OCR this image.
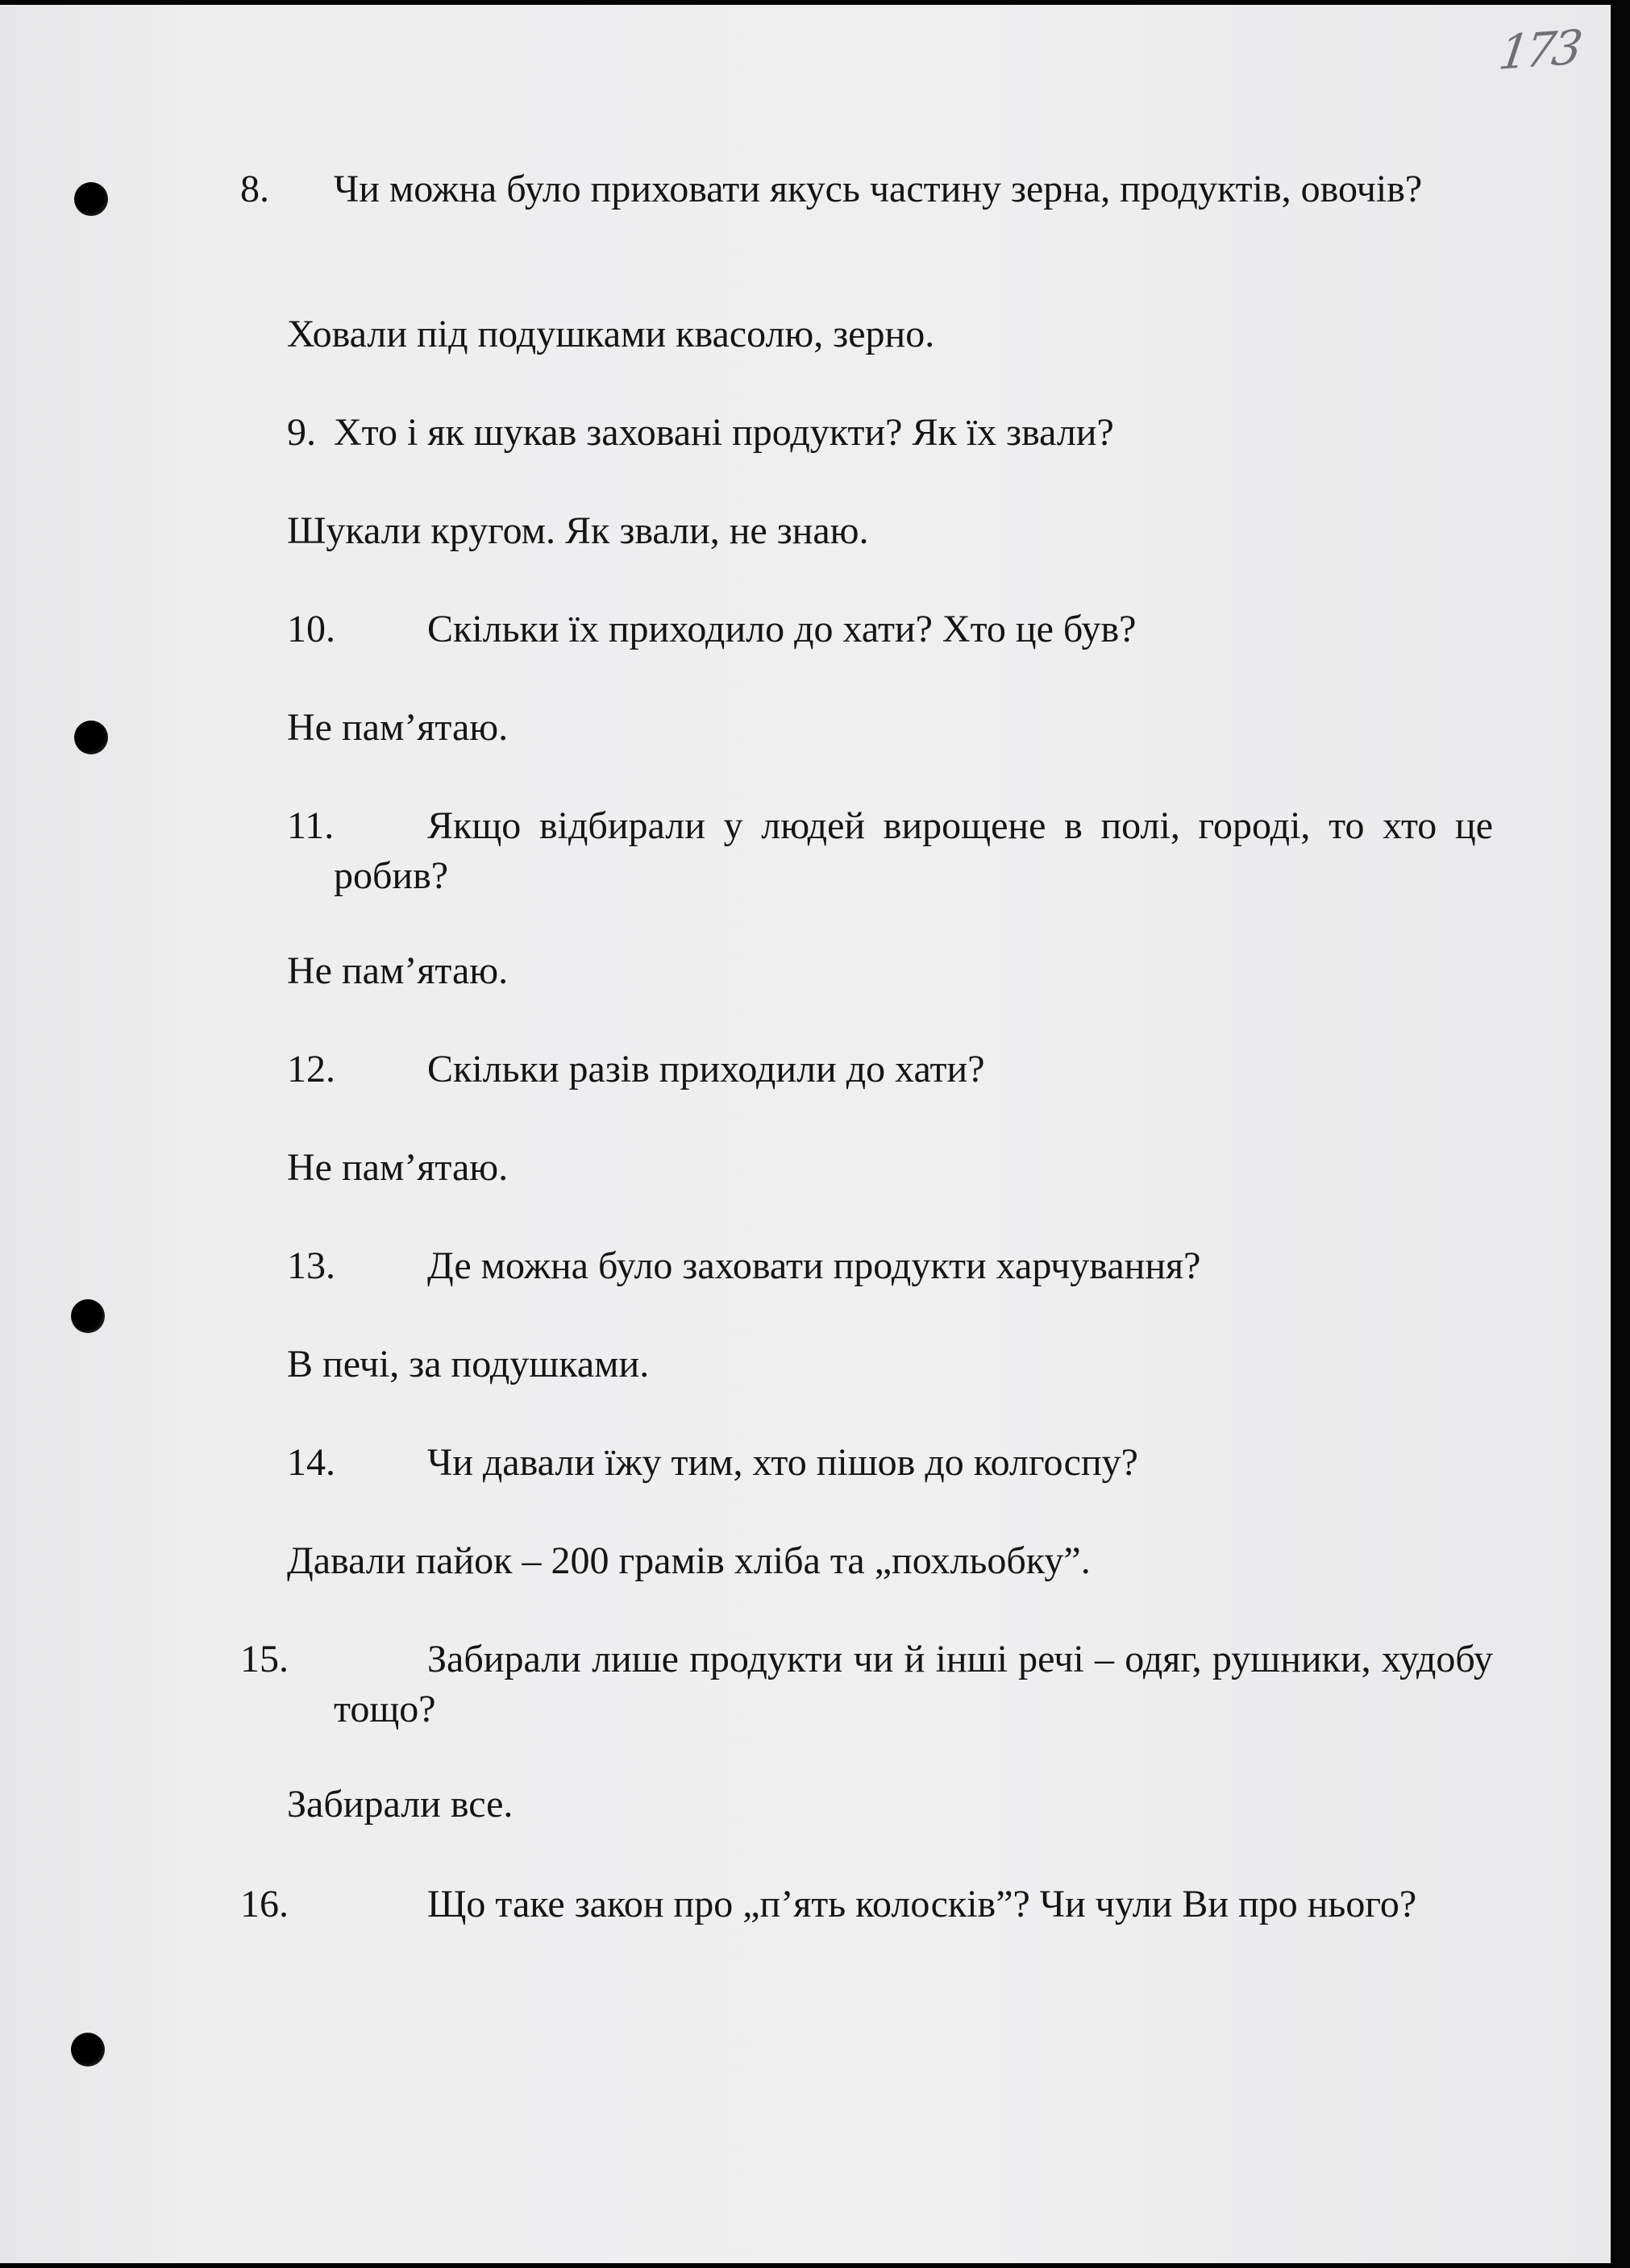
173
8. Чи можна було приховати якусь частину зерна, продуктів, овочів?
Ховали під подушками квасолю, зерно.
9. Хто і як шукав заховані продукти? Як їх звали?
Шукали кругом. Як звали, не знаю.
10. Скільки їх приходило до хати? Хто це був?
Не пам’ятаю.
11. Якщо відбирали у людей вирощене в полі, городі, то хто це робив?
Не пам’ятаю.
12. Скільки разів приходили до хати?
Не пам’ятаю.
13. Де можна було заховати продукти харчування?
В печі, за подушками.
14. Чи давали їжу тим, хто пішов до колгоспу?
Давали пайок – 200 грамів хліба та „похльобку”.
15.	Забирали лише продукти чи й інші речі – одяг, рушники, худобу тощо?
Забирали все.
16.	Що таке закон про „п’ять колосків”? Чи чули Ви про нього?
